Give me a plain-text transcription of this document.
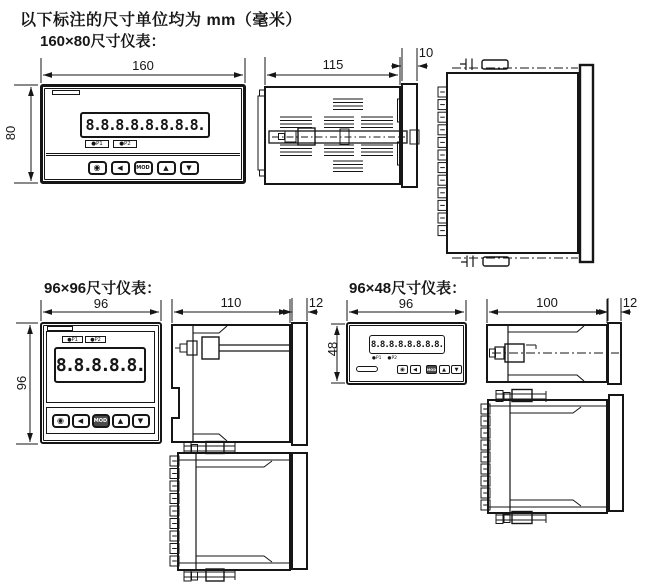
以下标注的尺寸单位均为 mm（毫米）
160×80尺寸仪表：
96×96尺寸仪表：	96×48尺寸仪表：
160
80
115
10
96
96
110	12	96
48
100	12
8.8.8.8.8.8.8.8.
●P1	●P2
◉	◀	MOD	▲	▼
●P1	●P2
8.8.8.8.8.
◉	◀	MOD	▲	▼
8.8.8.8.8.8.8.8.
●P1 ●P2
◉	◀	MOD	▲	▼
